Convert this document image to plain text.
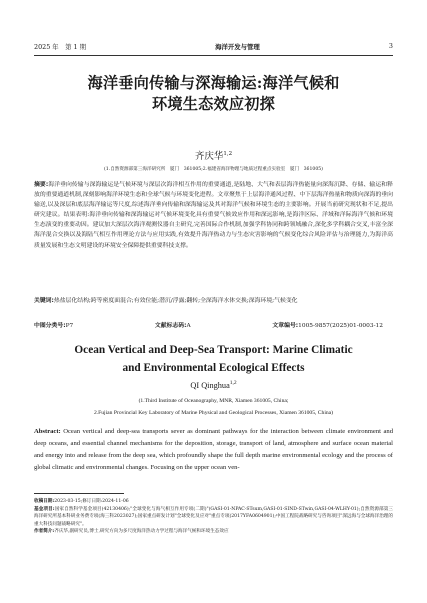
2025 年　第 1 期	海洋开发与管理	3
海洋垂向传输与深海输运:海洋气候和
环境生态效应初探
齐庆华$^{1,2}$
(1.自然资源部第三海洋研究所　厦门　361005;2.福建省海洋物理与地质过程重点实验室　厦门　361005)
摘要:海洋垂向传输与深海输运是气候环境与深层次海洋相互作用的重要通道,是陆地、大气和表层海洋热能量向深海沉降、存储、输运和释放的重要通道机制,深刻影响海洋环境生态和全球气候与环境变化进程。文章聚焦于上层海洋通风过程、中下层海洋热量和物质向深海的垂向输送,以及深层和底层海洋输运等尺度,综述海洋垂向传输和深海输运及其对海洋气候和环境生态的主要影响。开展当前研究现状和不足,提出研究建议。结果表明:海洋垂向传输和深海输运对气候环境变化具有重要气候效应作用和深远影响,是海洋区际、洋域和洋际海洋气候和环境生态演变的重要动因。建议加大深层次海洋观测仪器自主研究,完善国际合作机制,加强学科协同和跨领域融合,深化多学科耦合交叉,丰富全深海洋混合交换以及海陆气相互作用理论方法与应用实践,有效提升海洋热动力与生态灾害影响的气候变化综合风险评估与治理能力,为海洋高质量发展和生态文明建设的环境安全保障提供重要科技支撑。
关键词:热盐层化结构;跨等密度面混合;有效位能;潜沉/浮露;翻转;全深海洋水体交换;深海环境;气候变化
中图分类号:P7	文献标志码:A	文章编号:1005-9857(2025)01-0003-12
Ocean Vertical and Deep-Sea Transport: Marine Climatic
and Environmental Ecological Effects
QI Qinghua$^{1,2}$
(1.Third Institute of Oceanography, MNR, Xiamen 361005, China;
2.Fujian Provincial Key Laboratory of Marine Physical and Geological Processes, Xiamen 361005, China)
Abstract: Ocean vertical and deep-sea transports sever as dominant pathways for the interaction between climate environment and deep oceans, and essential channel mechanisms for the deposition, storage, transport of land, atmosphere and surface ocean material and energy into and release from the deep sea, which profoundly shape the full depth marine environmental ecology and the process of global climatic and environmental changes. Focusing on the upper ocean ven-

收稿日期:2023-03-15;修订日期:2024-11-06

基金项目:国家自然科学基金项目(42130406);"全球变化与海气相互作用专项(二期)"(GASI-01-NPAC-STsum,GASI-01-SIND-STwin,GASI-04-WLHY-01);自然资源部第三海洋研究所基本科研业务费专项(海三科2023027);国家重点研发计划"全球变化及应对"重点专项(2017YFA0604901);中国工程院战略研究与咨询项目"深远海与全球海洋治理的重大科技问题战略研究"。

作者简介:齐庆华,副研究员,博士,研究方向为多尺度海洋热动力学过程与海洋气候和环境生态效应
